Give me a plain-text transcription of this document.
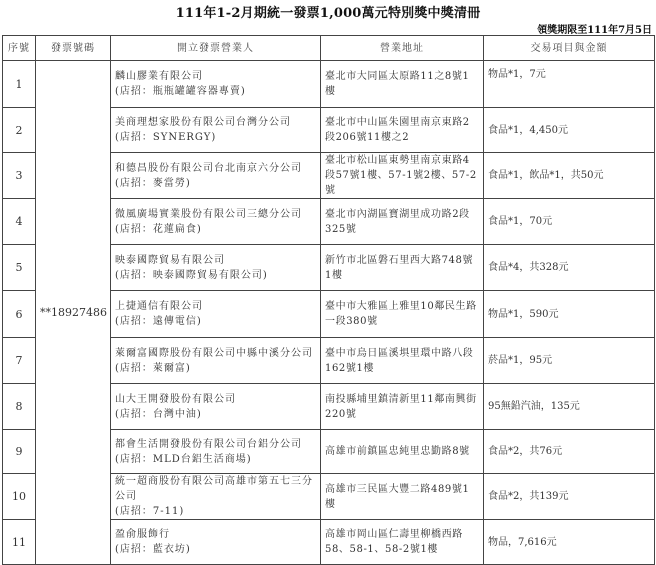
111年1-2月期統一發票1,000萬元特別獎中獎清冊
領獎期限至111年7月5日
序號	發票號碼	開立發票營業人	營業地址	交易項目與金額
1	**18927486	麟山膠業有限公司
(店招：瓶瓶罐罐容器專賣)	臺北市大同區太原路11之8號1樓	物品*1，7元
2		美商理想家股份有限公司台灣分公司
(店招：SYNERGY)	臺北市中山區朱園里南京東路2段206號11樓之2	食品*1，4,450元
3		和德昌股份有限公司台北南京六分公司
(店招：麥當勞)	臺北市松山區東勢里南京東路4段57號1樓、57-1號2樓、57-2號	食品*1，飲品*1，共50元
4		微風廣場實業股份有限公司三總分公司
(店招：花蓮扁食)	臺北市內湖區寶湖里成功路2段325號	食品*1，70元
5		映泰國際貿易有限公司
(店招：映泰國際貿易有限公司)	新竹市北區磐石里西大路748號1樓	食品*4，共328元
6		上捷通信有限公司
(店招：遠傳電信)	臺中市大雅區上雅里10鄰民生路一段380號	物品*1，590元
7		萊爾富國際股份有限公司中縣中溪分公司
(店招：萊爾富)	臺中市烏日區溪埧里環中路八段162號1樓	菸品*1，95元
8		山大王開發股份有限公司
(店招：台灣中油)	南投縣埔里鎮清新里11鄰南興街220號	95無鉛汽油，135元
9		都會生活開發股份有限公司台鋁分公司
(店招：MLD台鋁生活商場)	高雄市前鎮區忠純里忠勤路8號	食品*2，共76元
10		統一超商股份有限公司高雄市第五七三分公司
(店招：7-11)	高雄市三民區大豐二路489號1樓	食品*2，共139元
11		盈俞服飾行
(店招：藍衣坊)	高雄市岡山區仁壽里柳橋西路58、58-1、58-2號1樓	物品，7,616元
